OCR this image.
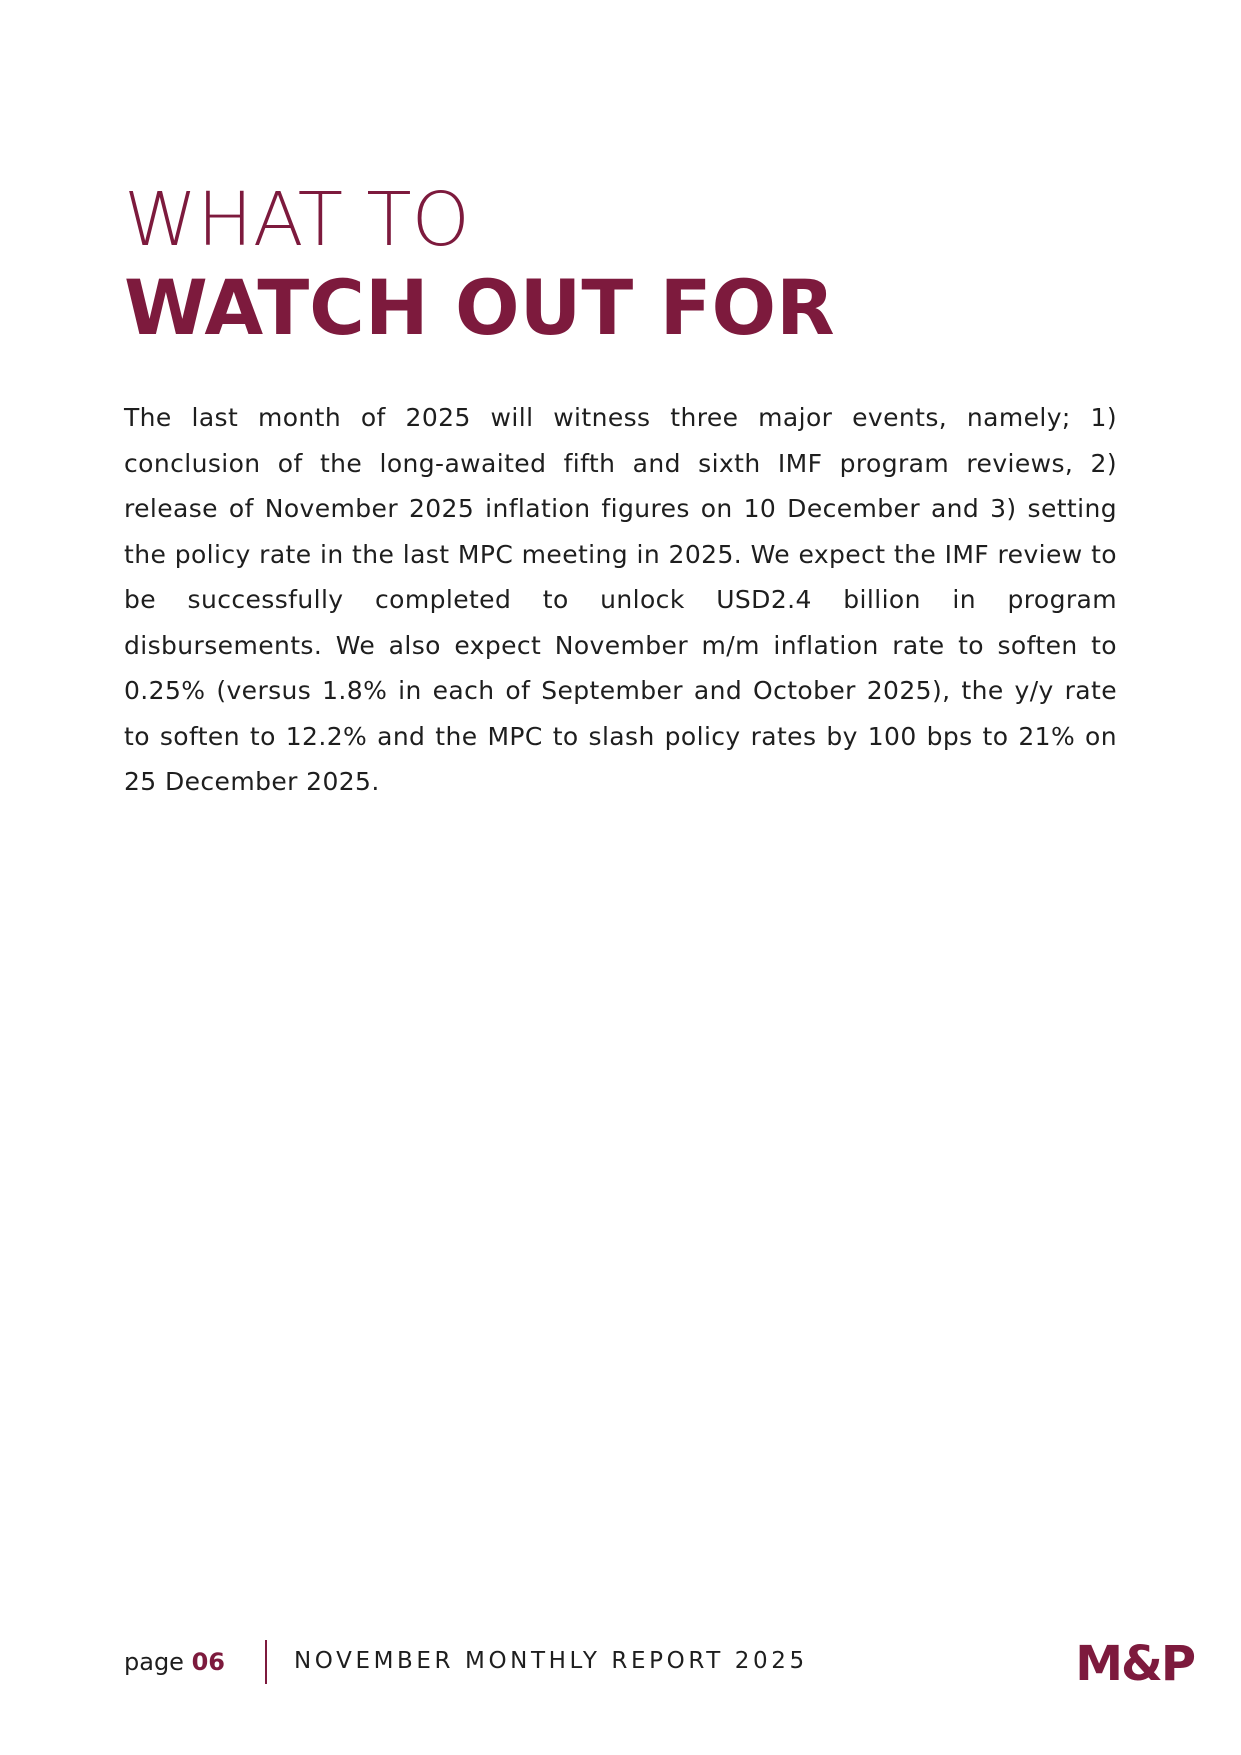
WHAT TO
WATCH OUT FOR

The last month of 2025 will witness three major events, namely; 1) conclusion of the long-awaited fifth and sixth IMF program reviews, 2) release of November 2025 inflation figures on 10 December and 3) setting the policy rate in the last MPC meeting in 2025. We expect the IMF review to be successfully completed to unlock USD2.4 billion in program disbursements. We also expect November m/m inflation rate to soften to 0.25% (versus 1.8% in each of September and October 2025), the y/y rate to soften to 12.2% and the MPC to slash policy rates by 100 bps to 21% on 25 December 2025.

page 06	NOVEMBER MONTHLY REPORT 2025	M&P
